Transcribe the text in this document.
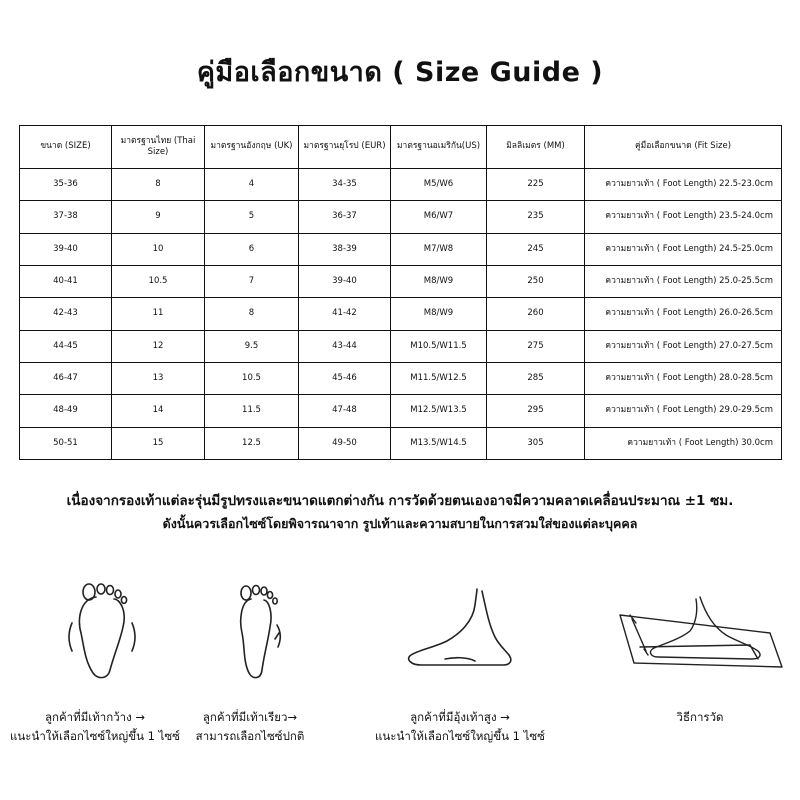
คู่มือเลือกขนาด ( Size Guide )
ขนาด (SIZE)	มาตรฐานไทย (Thai Size)	มาตรฐานอังกฤษ (UK)	มาตรฐานยุโรป (EUR)	มาตรฐานอเมริกัน(US)	มิลลิเมตร (MM)	คู่มือเลือกขนาด (Fit Size)
35-36	8	4	34-35	M5/W6	225	ความยาวเท้า ( Foot Length) 22.5-23.0cm
37-38	9	5	36-37	M6/W7	235	ความยาวเท้า ( Foot Length) 23.5-24.0cm
39-40	10	6	38-39	M7/W8	245	ความยาวเท้า ( Foot Length) 24.5-25.0cm
40-41	10.5	7	39-40	M8/W9	250	ความยาวเท้า ( Foot Length) 25.0-25.5cm
42-43	11	8	41-42	M8/W9	260	ความยาวเท้า ( Foot Length) 26.0-26.5cm
44-45	12	9.5	43-44	M10.5/W11.5	275	ความยาวเท้า ( Foot Length) 27.0-27.5cm
46-47	13	10.5	45-46	M11.5/W12.5	285	ความยาวเท้า ( Foot Length) 28.0-28.5cm
48-49	14	11.5	47-48	M12.5/W13.5	295	ความยาวเท้า ( Foot Length) 29.0-29.5cm
50-51	15	12.5	49-50	M13.5/W14.5	305	ความยาวเท้า ( Foot Length) 30.0cm
เนื่องจากรองเท้าแต่ละรุ่นมีรูปทรงและขนาดแตกต่างกัน การวัดด้วยตนเองอาจมีความคลาดเคลื่อนประมาณ ±1 ซม.
ดังนั้นควรเลือกไซซ์โดยพิจารณาจาก รูปเท้าและความสบายในการสวมใส่ของแต่ละบุคคล
ลูกค้าที่มีเท้ากว้าง →
แนะนำให้เลือกไซซ์ใหญ่ขึ้น 1 ไซซ์
ลูกค้าที่มีเท้าเรียว→
สามารถเลือกไซซ์ปกติ
ลูกค้าที่มีอุ้งเท้าสูง →
แนะนำให้เลือกไซซ์ใหญ่ขึ้น 1 ไซซ์
วิธีการวัด
